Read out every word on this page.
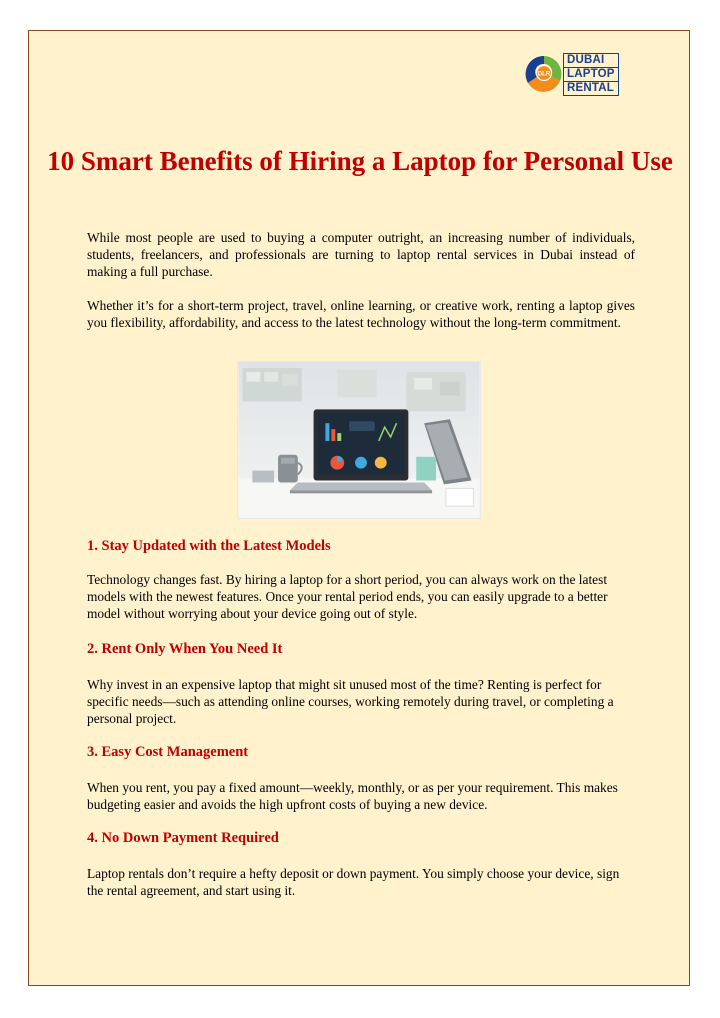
DLR
DUBAI
LAPTOP
RENTAL
10 Smart Benefits of Hiring a Laptop for Personal Use

While most people are used to buying a computer outright, an increasing number of individuals, students, freelancers, and professionals are turning to laptop rental services in Dubai instead of making a full purchase.

Whether it’s for a short-term project, travel, online learning, or creative work, renting a laptop gives you flexibility, affordability, and access to the latest technology without the long-term commitment.

1. Stay Updated with the Latest Models

Technology changes fast. By hiring a laptop for a short period, you can always work on the latest models with the newest features. Once your rental period ends, you can easily upgrade to a better model without worrying about your device going out of style.

2. Rent Only When You Need It

Why invest in an expensive laptop that might sit unused most of the time? Renting is perfect for specific needs—such as attending online courses, working remotely during travel, or completing a personal project.

3. Easy Cost Management

When you rent, you pay a fixed amount—weekly, monthly, or as per your requirement. This makes budgeting easier and avoids the high upfront costs of buying a new device.

4. No Down Payment Required

Laptop rentals don’t require a hefty deposit or down payment. You simply choose your device, sign the rental agreement, and start using it.
